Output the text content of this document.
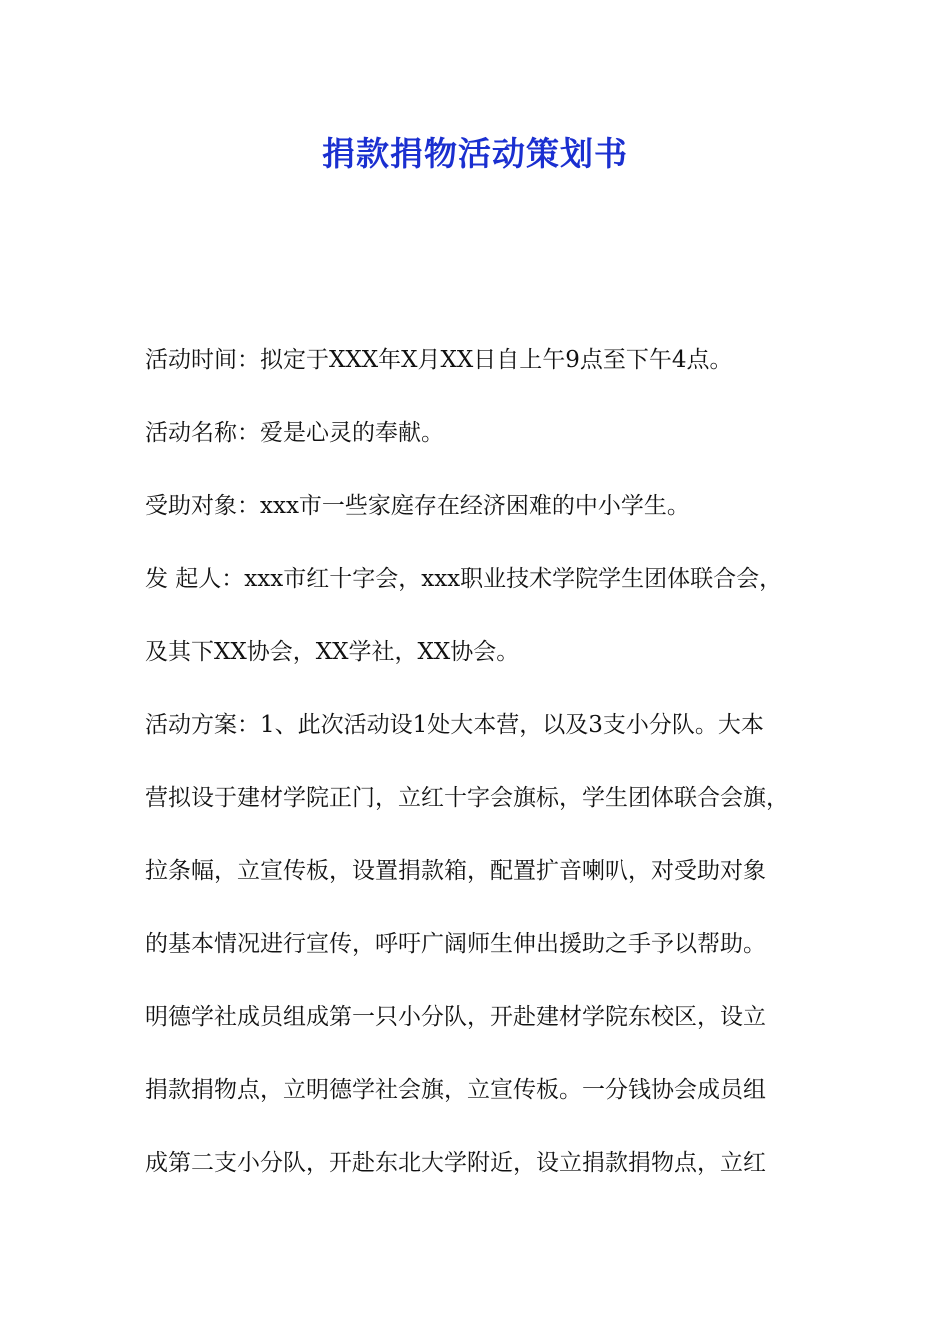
捐款捐物活动策划书
活动时间：拟定于XXX年X月XX日自上午9点至下午4点。
活动名称：爱是心灵的奉献。
受助对象：xxx市一些家庭存在经济困难的中小学生。
发 起人：xxx市红十字会，xxx职业技术学院学生团体联合会，
及其下XX协会，XX学社，XX协会。
活动方案：1、此次活动设1处大本营，以及3支小分队。大本
营拟设于建材学院正门，立红十字会旗标，学生团体联合会旗，
拉条幅，立宣传板，设置捐款箱，配置扩音喇叭，对受助对象
的基本情况进行宣传，呼吁广阔师生伸出援助之手予以帮助。
明德学社成员组成第一只小分队，开赴建材学院东校区，设立
捐款捐物点，立明德学社会旗，立宣传板。一分钱协会成员组
成第二支小分队，开赴东北大学附近，设立捐款捐物点，立红
